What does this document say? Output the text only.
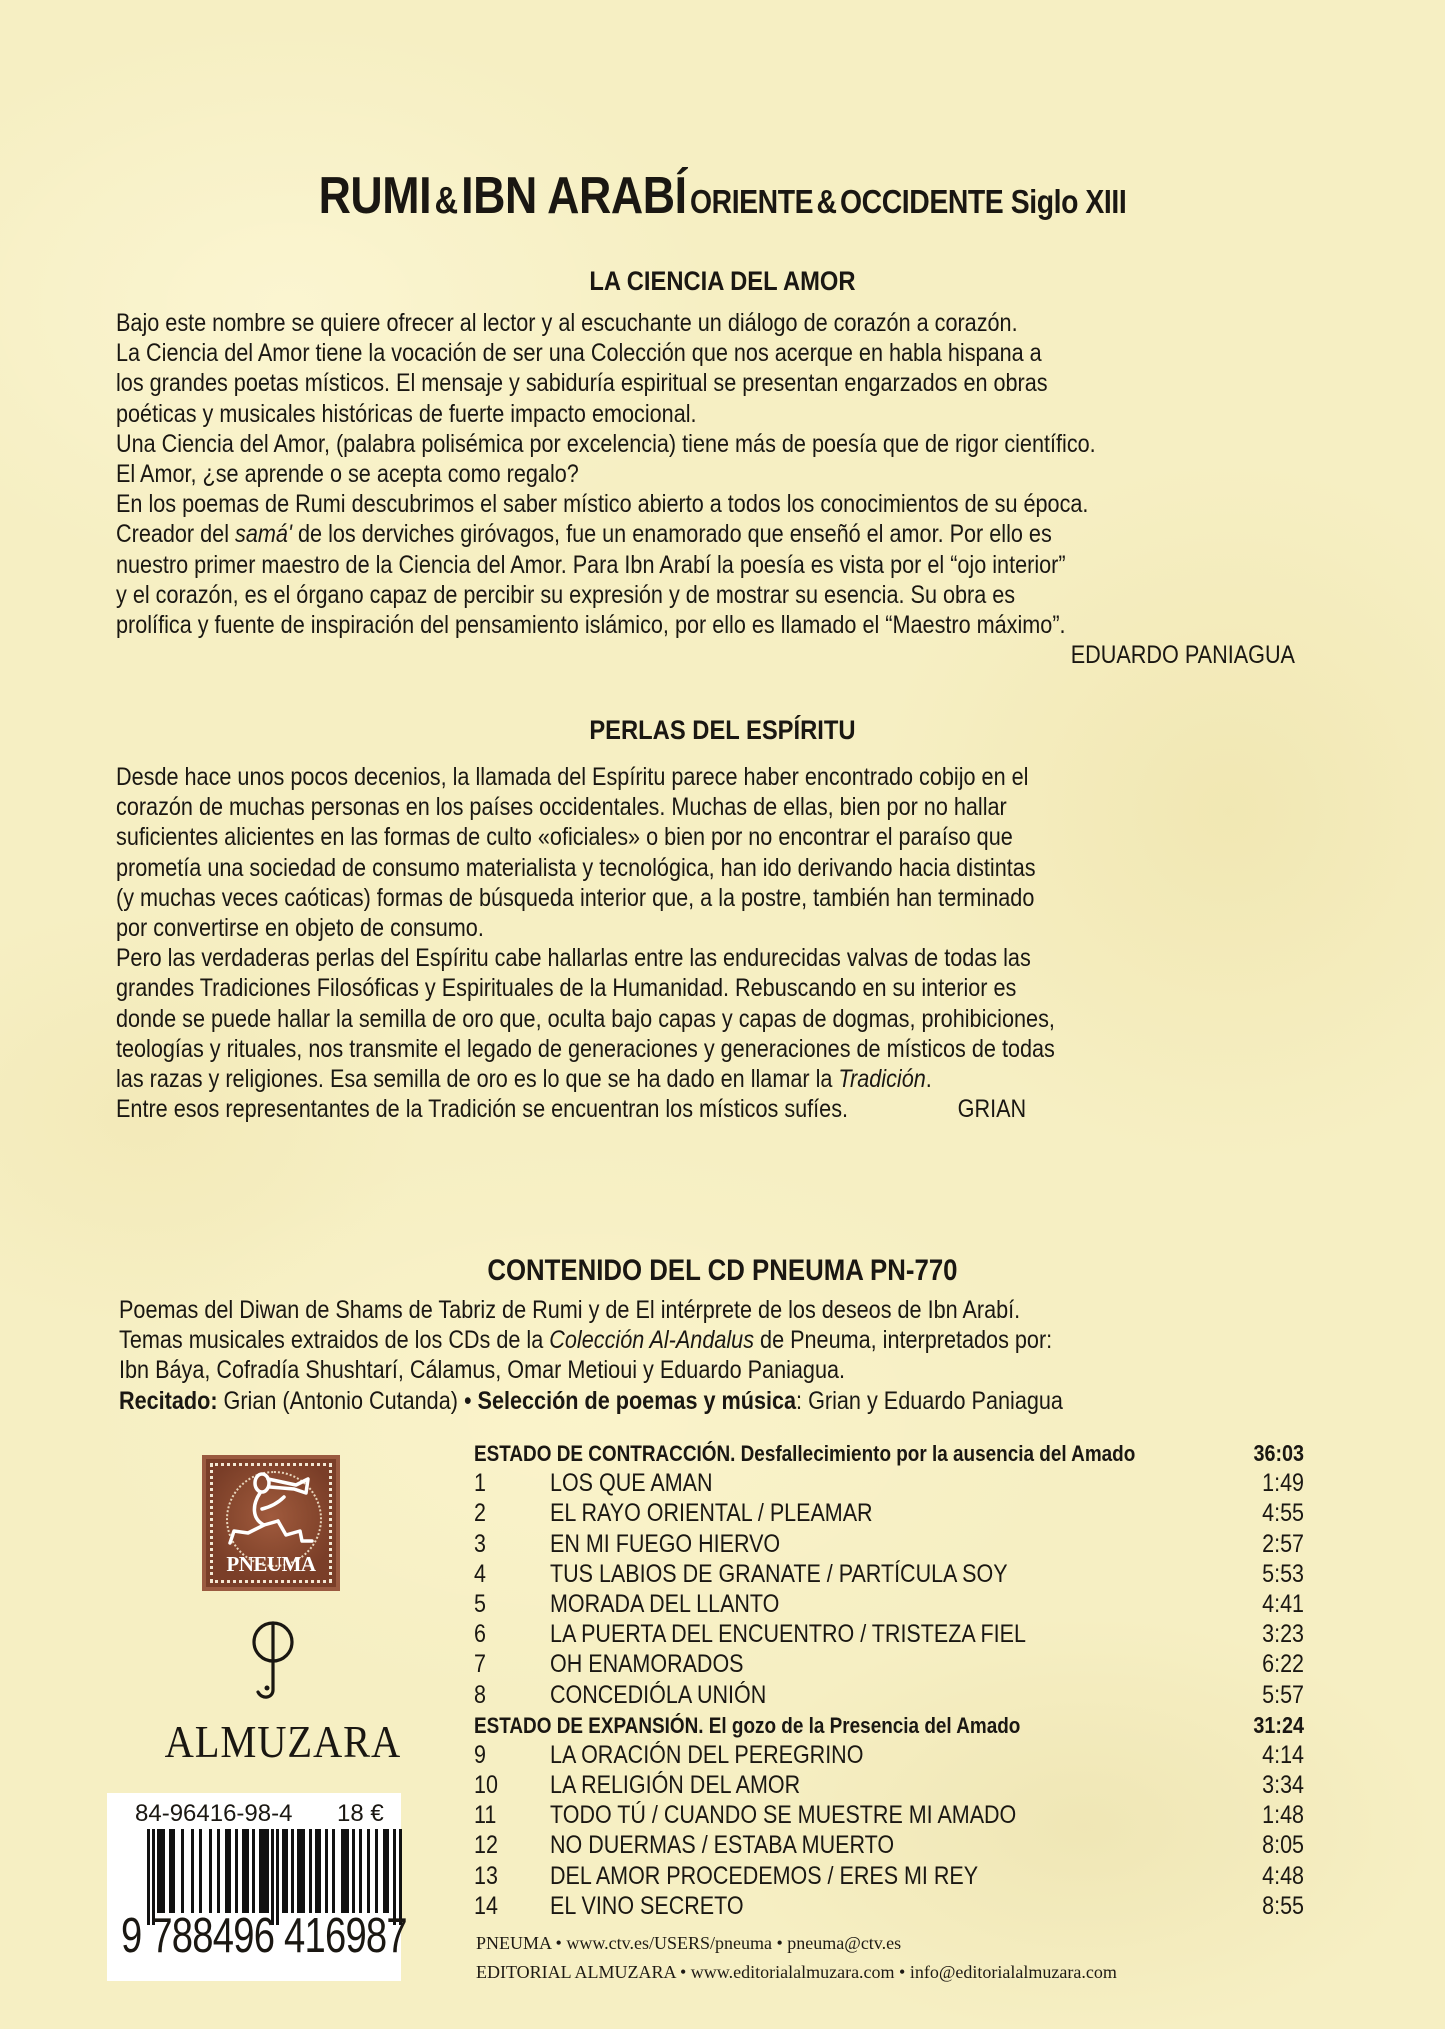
RUMI & IBN ARABÍ ORIENTE & OCCIDENTE Siglo XIII
LA CIENCIA DEL AMOR

Bajo este nombre se quiere ofrecer al lector y al escuchante un diálogo de corazón a corazón.

La Ciencia del Amor tiene la vocación de ser una Colección que nos acerque en habla hispana a

los grandes poetas místicos. El mensaje y sabiduría espiritual se presentan engarzados en obras

poéticas y musicales históricas de fuerte impacto emocional.

Una Ciencia del Amor, (palabra polisémica por excelencia) tiene más de poesía que de rigor científico.

El Amor, ¿se aprende o se acepta como regalo?

En los poemas de Rumi descubrimos el saber místico abierto a todos los conocimientos de su época.

Creador del samá' de los derviches giróvagos, fue un enamorado que enseñó el amor. Por ello es

nuestro primer maestro de la Ciencia del Amor. Para Ibn Arabí la poesía es vista por el “ojo interior”

y el corazón, es el órgano capaz de percibir su expresión y de mostrar su esencia. Su obra es

prolífica y fuente de inspiración del pensamiento islámico, por ello es llamado el “Maestro máximo”.

EDUARDO PANIAGUA

PERLAS DEL ESPÍRITU

Desde hace unos pocos decenios, la llamada del Espíritu parece haber encontrado cobijo en el

corazón de muchas personas en los países occidentales. Muchas de ellas, bien por no hallar

suficientes alicientes en las formas de culto «oficiales» o bien por no encontrar el paraíso que

prometía una sociedad de consumo materialista y tecnológica, han ido derivando hacia distintas

(y muchas veces caóticas) formas de búsqueda interior que, a la postre, también han terminado

por convertirse en objeto de consumo.

Pero las verdaderas perlas del Espíritu cabe hallarlas entre las endurecidas valvas de todas las

grandes Tradiciones Filosóficas y Espirituales de la Humanidad. Rebuscando en su interior es

donde se puede hallar la semilla de oro que, oculta bajo capas y capas de dogmas, prohibiciones,

teologías y rituales, nos transmite el legado de generaciones y generaciones de místicos de todas

las razas y religiones. Esa semilla de oro es lo que se ha dado en llamar la Tradición.

Entre esos representantes de la Tradición se encuentran los místicos sufíes.	GRIAN

CONTENIDO DEL CD PNEUMA PN-770

Poemas del Diwan de Shams de Tabriz de Rumi y de El intérprete de los deseos de Ibn Arabí.

Temas musicales extraidos de los CDs de la Colección Al-Andalus de Pneuma, interpretados por:

Ibn Báya, Cofradía Shushtarí, Cálamus, Omar Metioui y Eduardo Paniagua.

Recitado: Grian (Antonio Cutanda) • Selección de poemas y música: Grian y Eduardo Paniagua

ESTADO DE CONTRACCIÓN. Desfallecimiento por la ausencia del Amado	36:03
1	LOS QUE AMAN	1:49
2	EL RAYO ORIENTAL / PLEAMAR	4:55
3	EN MI FUEGO HIERVO	2:57
4	TUS LABIOS DE GRANATE / PARTÍCULA SOY	5:53
5	MORADA DEL LLANTO	4:41
6	LA PUERTA DEL ENCUENTRO / TRISTEZA FIEL	3:23
7	OH ENAMORADOS	6:22
8	CONCEDIÓLA UNIÓN	5:57
ESTADO DE EXPANSIÓN. El gozo de la Presencia del Amado	31:24
9	LA ORACIÓN DEL PEREGRINO	4:14
10	LA RELIGIÓN DEL AMOR	3:34
11	TODO TÚ / CUANDO SE MUESTRE MI AMADO	1:48
12	NO DUERMAS / ESTABA MUERTO	8:05
13	DEL AMOR PROCEDEMOS / ERES MI REY	4:48
14	EL VINO SECRETO	8:55
PNEUMA • www.ctv.es/USERS/pneuma • pneuma@ctv.es
EDITORIAL ALMUZARA • www.editorialalmuzara.com • info@editorialalmuzara.com
PNEUMA
ALMUZARA
84-96416-98-4 18 €
9 788496 416987
